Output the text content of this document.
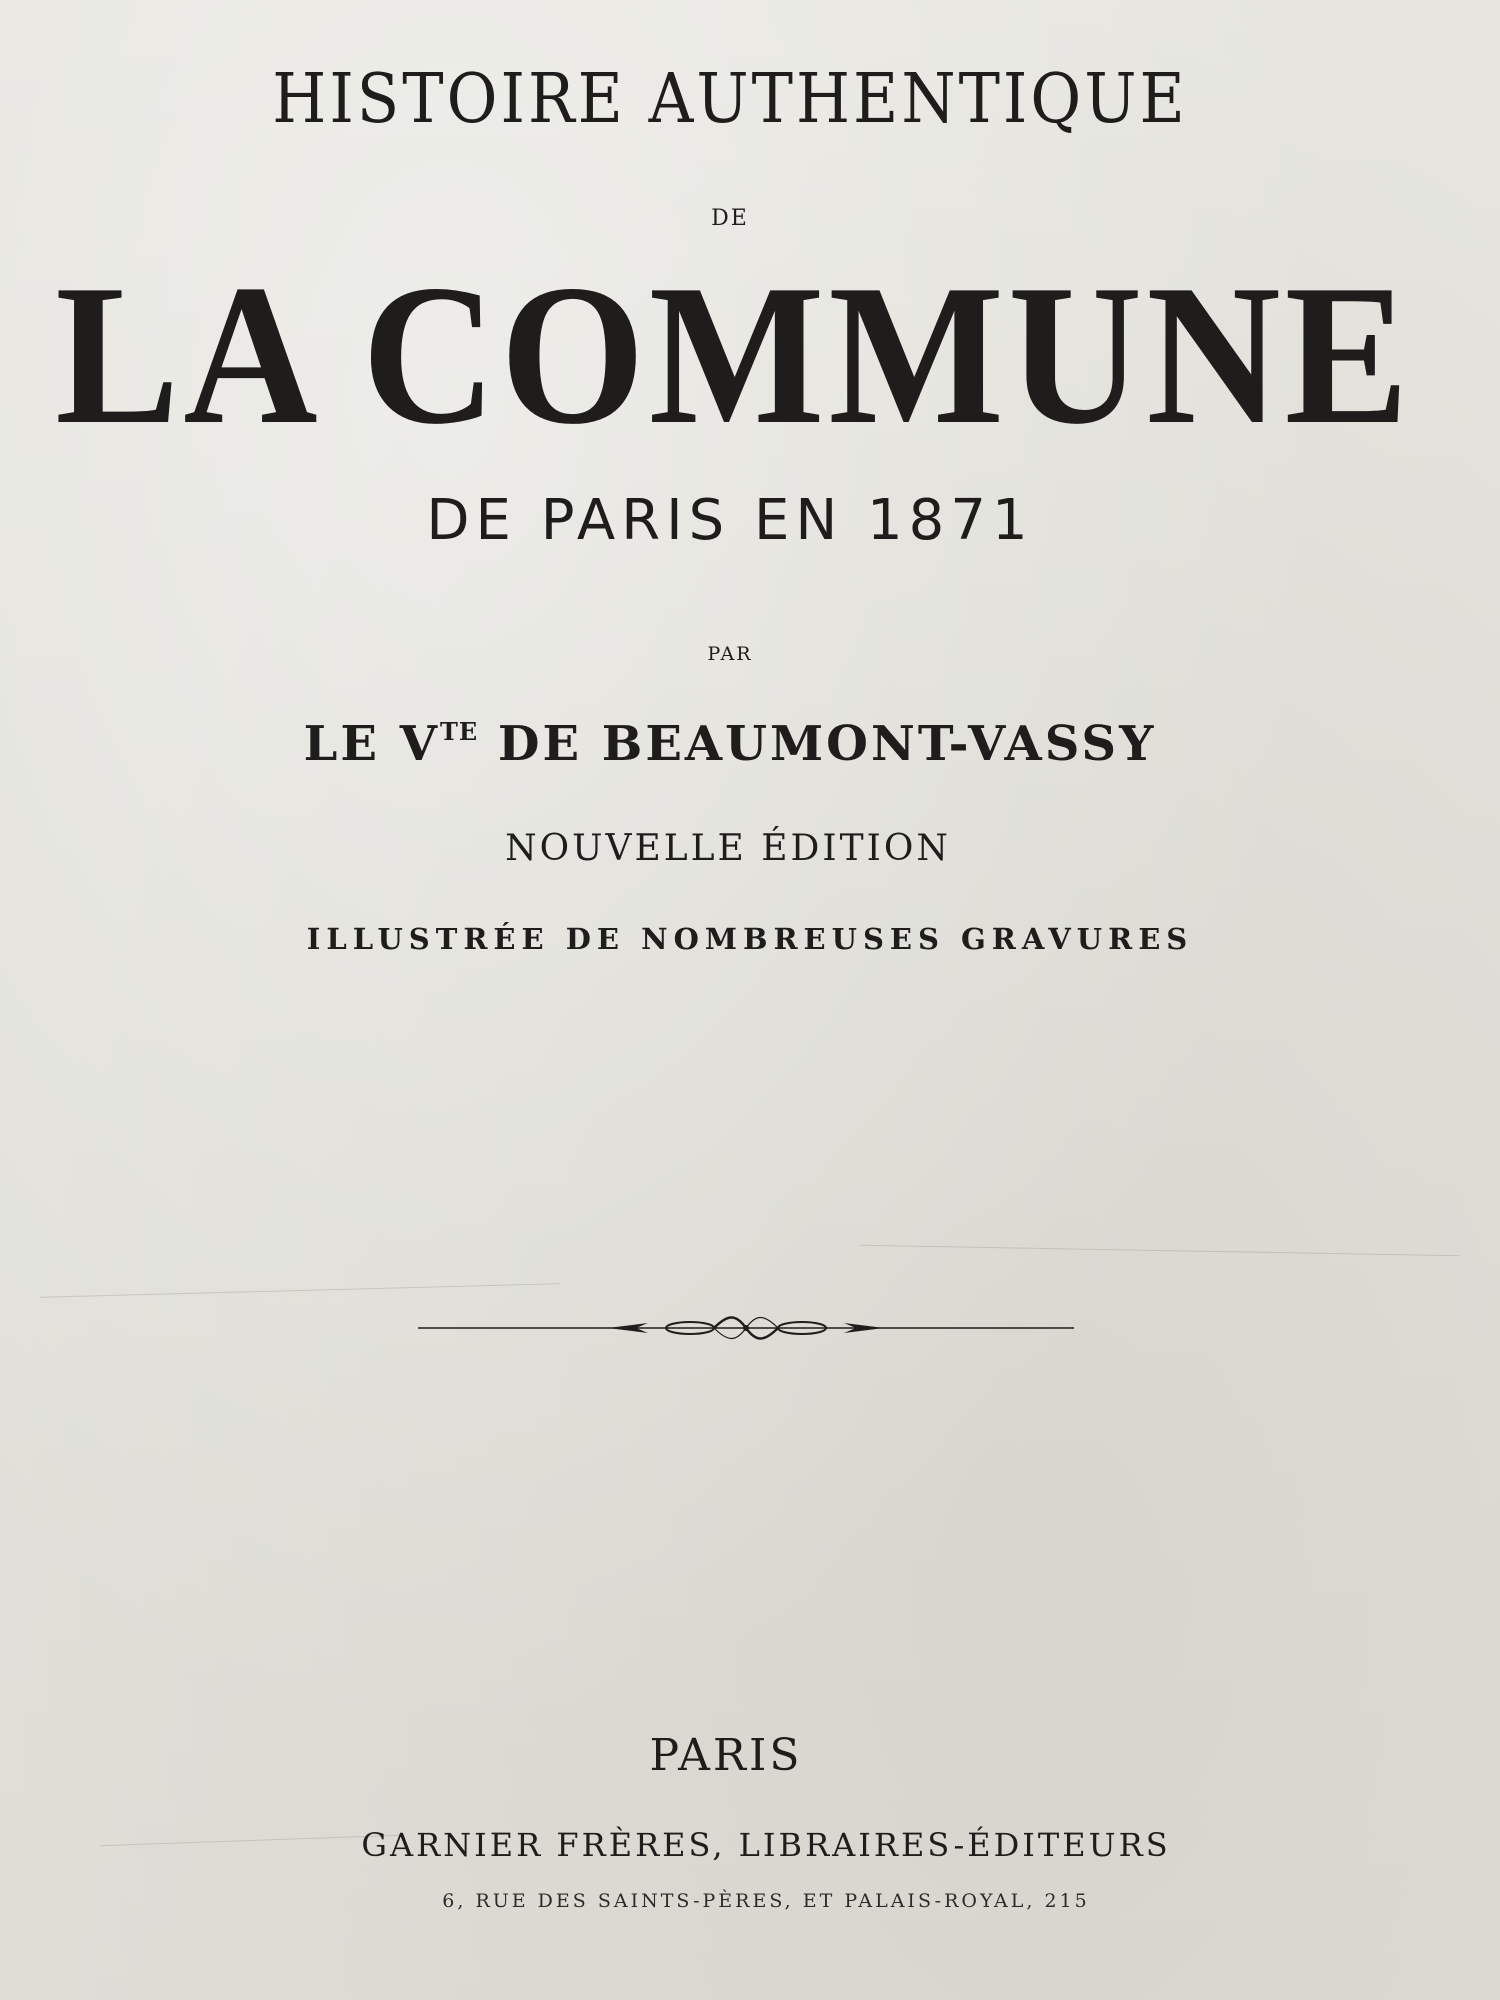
HISTOIRE AUTHENTIQUE
DE
LA COMMUNE
DE PARIS EN 1871
PAR
LE $V^{TE}$ DE BEAUMONT-VASSY
NOUVELLE ÉDITION
ILLUSTRÉE DE NOMBREUSES GRAVURES
PARIS
GARNIER FRÈRES, LIBRAIRES-ÉDITEURS
6, RUE DES SAINTS-PÈRES, ET PALAIS-ROYAL, 215
